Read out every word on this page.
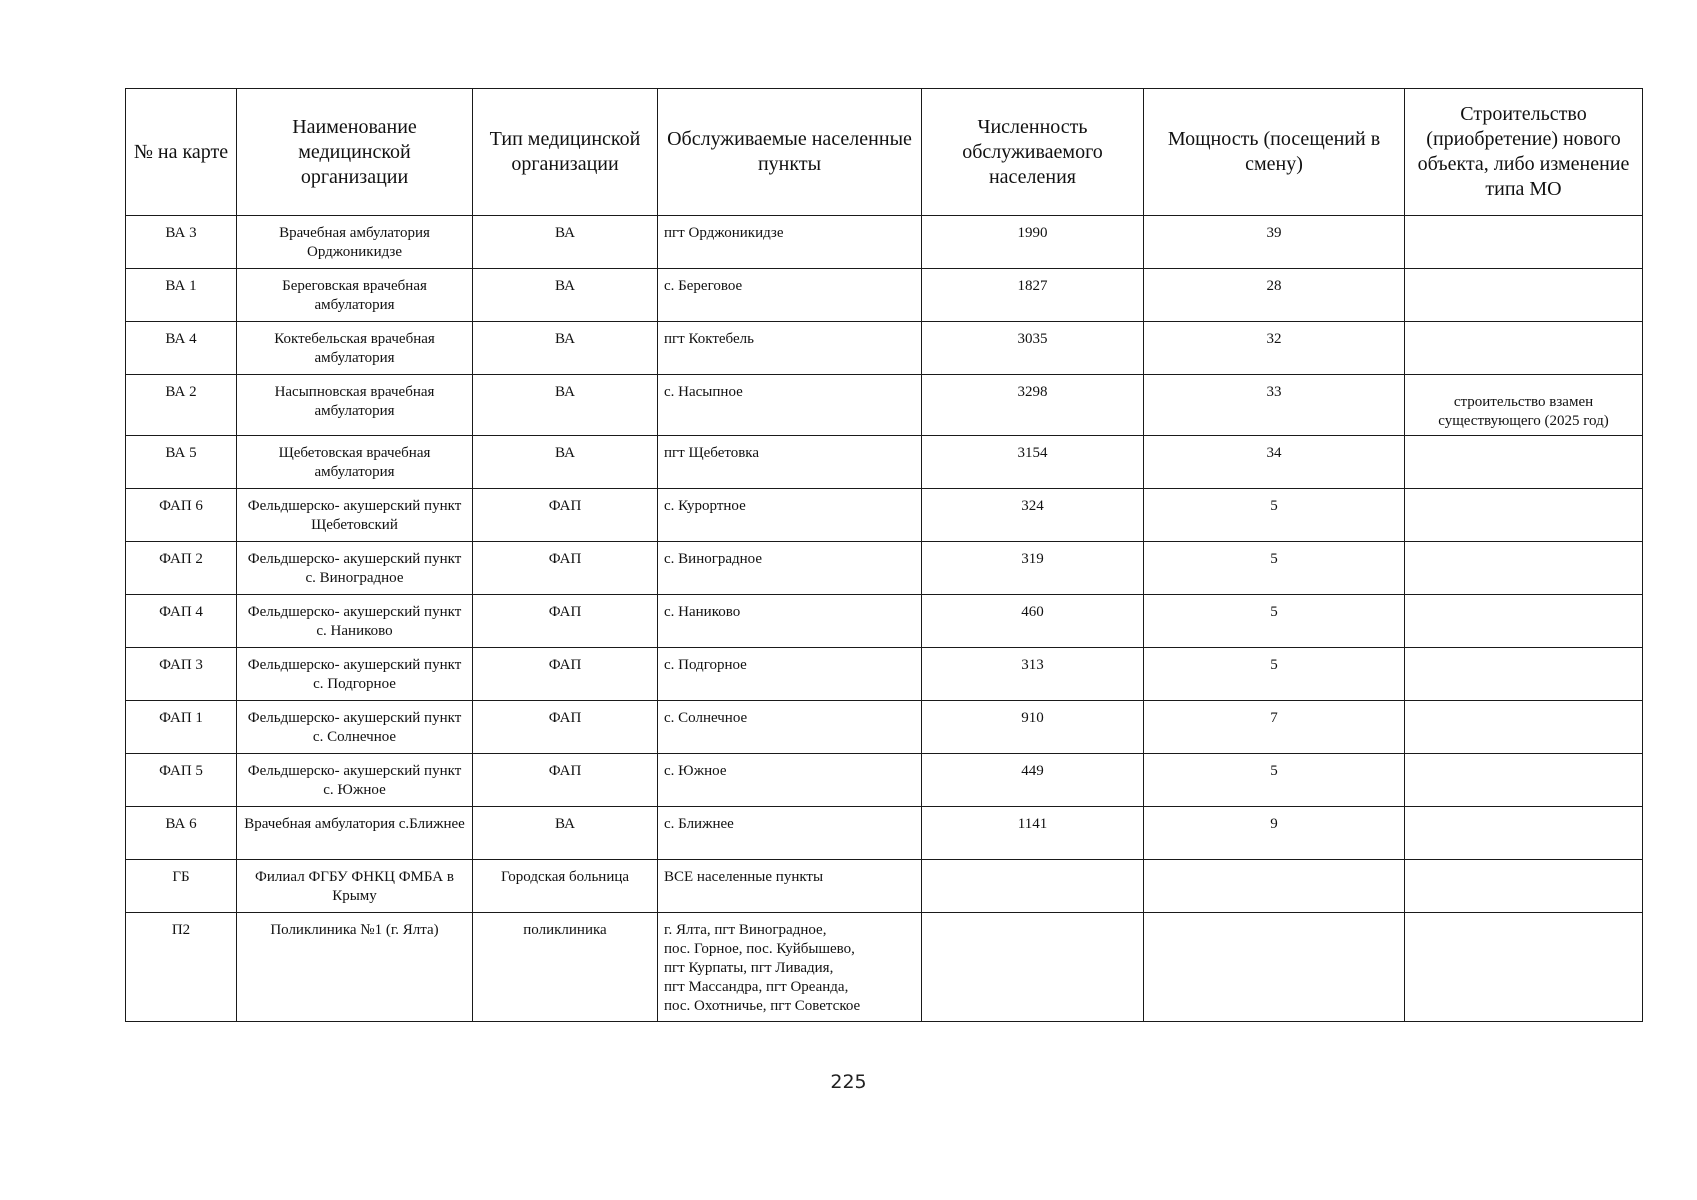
№ на карте	Наименование медицинской организации	Тип медицинской организации	Обслуживаемые населенные пункты	Численность обслуживаемого населения	Мощность (посещений в смену)	Строительство (приобретение) нового объекта, либо изменение типа МО
ВА 3	Врачебная амбулатория Орджоникидзе	ВА	пгт Орджоникидзе	1990	39	
ВА 1	Береговская врачебная амбулатория	ВА	с. Береговое	1827	28	
ВА 4	Коктебельская врачебная амбулатория	ВА	пгт Коктебель	3035	32	
ВА 2	Насыпновская врачебная амбулатория	ВА	с. Насыпное	3298	33	строительство взамен существующего (2025 год)

ВА 5	Щебетовская врачебная амбулатория	ВА	пгт Щебетовка	3154	34	
ФАП 6	Фельдшерско- акушерский пункт Щебетовский	ФАП	с. Курортное	324	5	
ФАП 2	Фельдшерско- акушерский пункт с. Виноградное	ФАП	с. Виноградное	319	5	
ФАП 4	Фельдшерско- акушерский пункт с. Наниково	ФАП	с. Наниково	460	5	
ФАП 3	Фельдшерско- акушерский пункт с. Подгорное	ФАП	с. Подгорное	313	5	
ФАП 1	Фельдшерско- акушерский пункт с. Солнечное	ФАП	с. Солнечное	910	7	
ФАП 5	Фельдшерско- акушерский пункт с. Южное	ФАП	с. Южное	449	5	
ВА 6	Врачебная амбулатория с.Ближнее	ВА	с. Ближнее	1141	9	
ГБ	Филиал ФГБУ ФНКЦ ФМБА в Крыму	Городская больница	ВСЕ населенные пункты			
П2	Поликлиника №1 (г. Ялта)	поликлиника	г. Ялта, пгт Виноградное,
пос. Горное, пос. Куйбышево,
пгт Курпаты, пгт Ливадия,
пгт Массандра, пгт Ореанда,
пос. Охотничье, пгт Советское			
225
